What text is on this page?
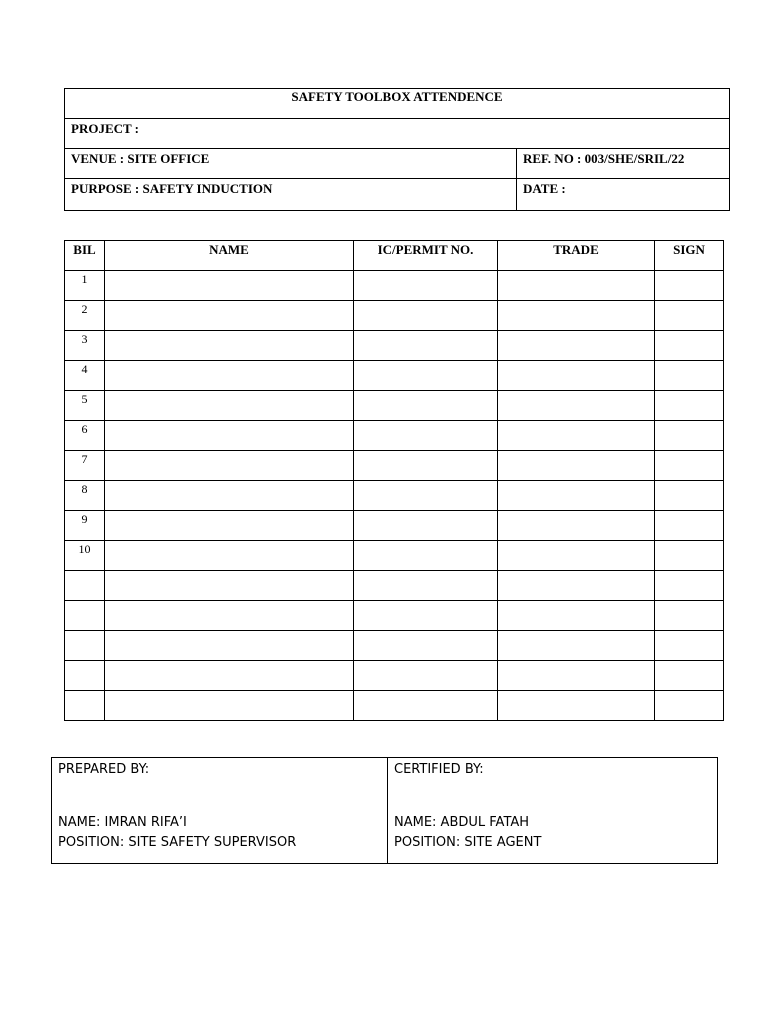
SAFETY TOOLBOX ATTENDENCE
PROJECT :
VENUE : SITE OFFICE	REF. NO : 003/SHE/SRIL/22
PURPOSE : SAFETY INDUCTION	DATE :
BIL	NAME	IC/PERMIT NO.	TRADE	SIGN
1				
2				
3				
4				
5				
6				
7				
8				
9				
10				

PREPARED BY:
NAME: IMRAN RIFA’I
POSITION: SITE SAFETY SUPERVISOR
CERTIFIED BY:
NAME: ABDUL FATAH
POSITION: SITE AGENT
